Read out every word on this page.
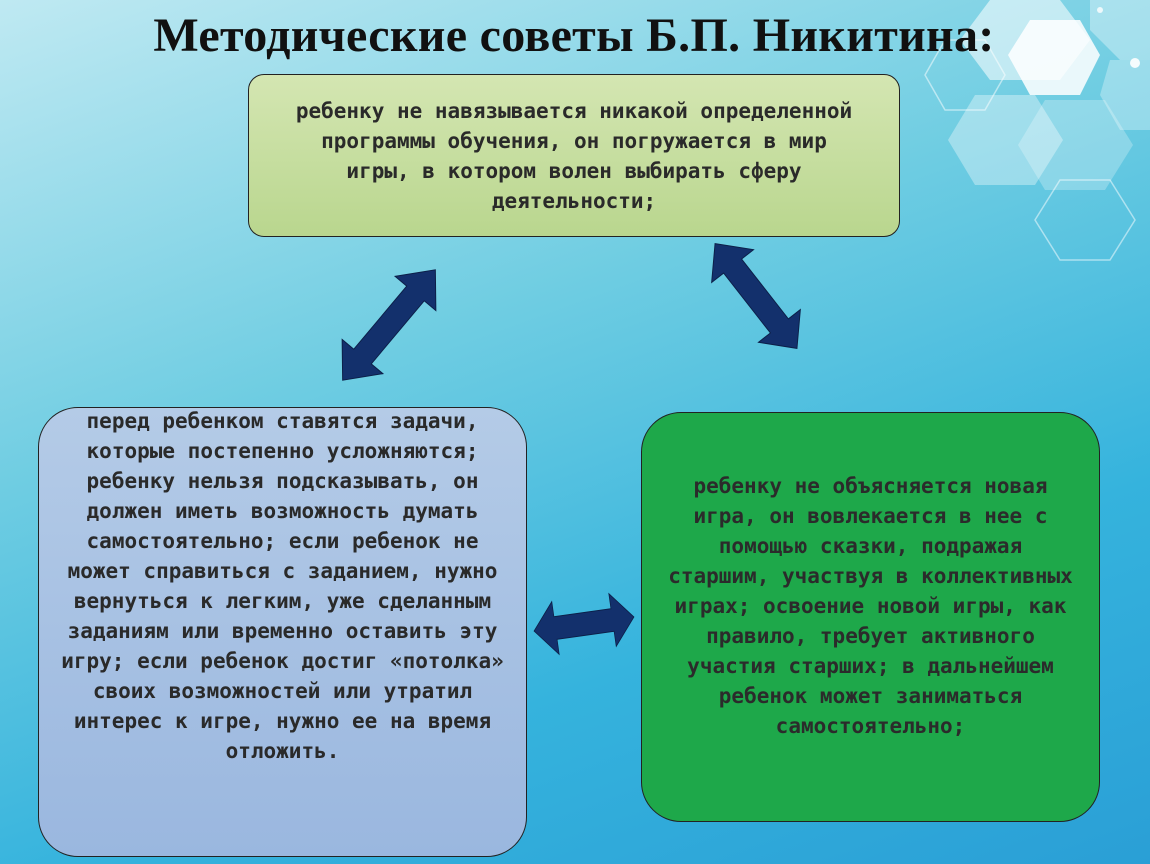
Методические советы Б.П. Никитина:

ребенку не навязывается никакой определенной программы обучения, он погружается в мир игры, в котором волен выбирать сферу деятельности;

перед ребенком ставятся задачи, которые постепенно усложняются; ребенку нельзя подсказывать, он должен иметь возможность думать самостоятельно; если ребенок не может справиться с заданием, нужно вернуться к легким, уже сделанным заданиям или временно оставить эту игру; если ребенок достиг «потолка» своих возможностей или утратил интерес к игре, нужно ее на время отложить.

ребенку не объясняется новая игра, он вовлекается в нее с помощью сказки, подражая старшим, участвуя в коллективных играх; освоение новой игры, как правило, требует активного участия старших; в дальнейшем ребенок может заниматься самостоятельно;
